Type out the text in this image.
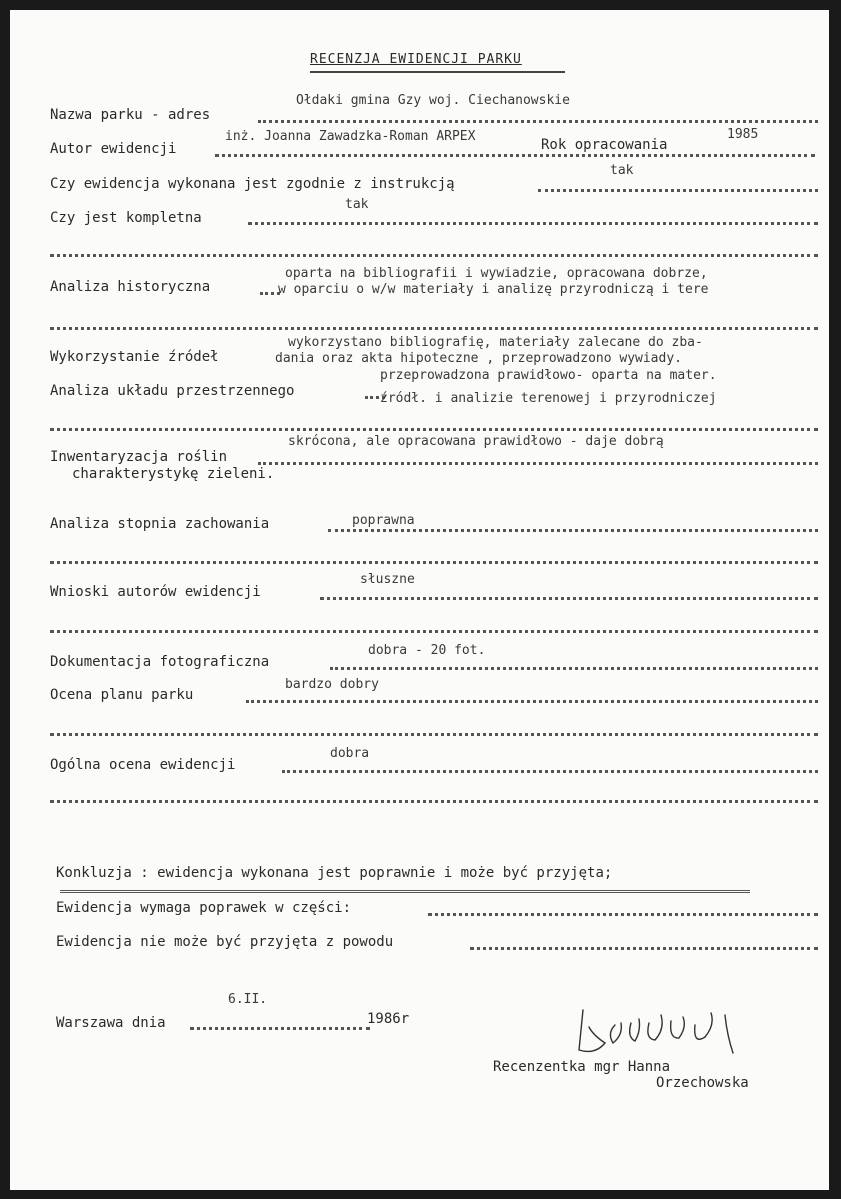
RECENZJA EWIDENCJI PARKU
Nazwa parku - adres
Ołdaki gmina Gzy woj. Ciechanowskie
Autor ewidencji
inż. Joanna Zawadzka-Roman ARPEX
Rok opracowania
1985
Czy ewidencja wykonana jest zgodnie z instrukcją
tak
Czy jest kompletna
tak
Analiza historyczna
oparta na bibliografii i wywiadzie, opracowana dobrze,
w oparciu o w/w materiały i analizę przyrodniczą i tere
Wykorzystanie źródeł
wykorzystano bibliografię, materiały zalecane do zba-
dania oraz akta hipoteczne , przeprowadzono wywiady.
Analiza układu przestrzennego
przeprowadzona prawidłowo- oparta na mater.
źródł. i analizie terenowej i przyrodniczej
Inwentaryzacja roślin
skrócona, ale opracowana prawidłowo - daje dobrą
charakterystykę zieleni.
Analiza stopnia zachowania	poprawna
Wnioski autorów ewidencji
słuszne
Dokumentacja fotograficzna
dobra - 20 fot.
Ocena planu parku
bardzo dobry
Ogólna ocena ewidencji
dobra
Konkluzja : ewidencja wykonana jest poprawnie i może być przyjęta;
Ewidencja wymaga poprawek w części:
Ewidencja nie może być przyjęta z powodu
Warszawa dnia
6.II.
1986r
Recenzentka mgr Hanna
Orzechowska
